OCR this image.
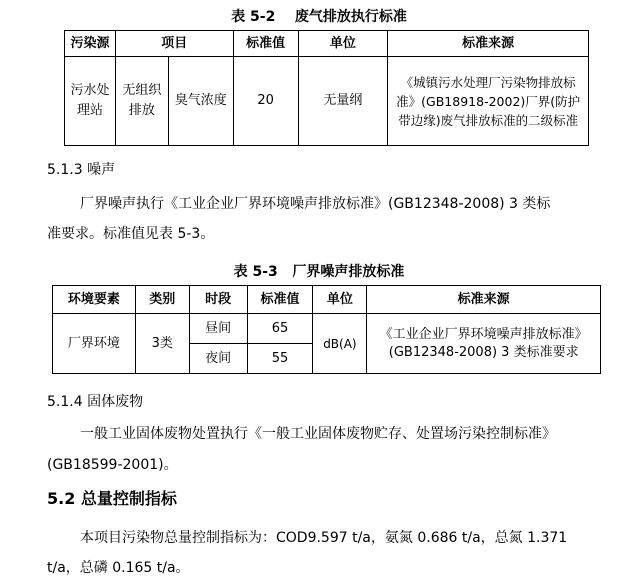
表 5-2    废气排放执行标准
污染源	项目		标准值	单位	标准来源
污水处理站	无组织排放	臭气浓度	20	无量纲	《城镇污水处理厂污染物排放标准》(GB18918-2002)厂界(防护带边缘)废气排放标准的二级标准
5.1.3 噪声
厂界噪声执行《工业企业厂界环境噪声排放标准》(GB12348-2008) 3 类标
准要求。标准值见表 5-3。
表 5-3   厂界噪声排放标准
环境要素	类别	时段	标准值	单位	标准来源
厂界环境	3类	昼间	65	dB(A)	《工业企业厂界环境噪声排放标准》(GB12348-2008) 3 类标准要求
		夜间	55		
5.1.4 固体废物
一般工业固体废物处置执行《一般工业固体废物贮存、处置场污染控制标准》
(GB18599-2001)。
5.2 总量控制指标
本项目污染物总量控制指标为：COD9.597 t/a，氨氮 0.686 t/a，总氮 1.371
t/a，总磷 0.165 t/a。
